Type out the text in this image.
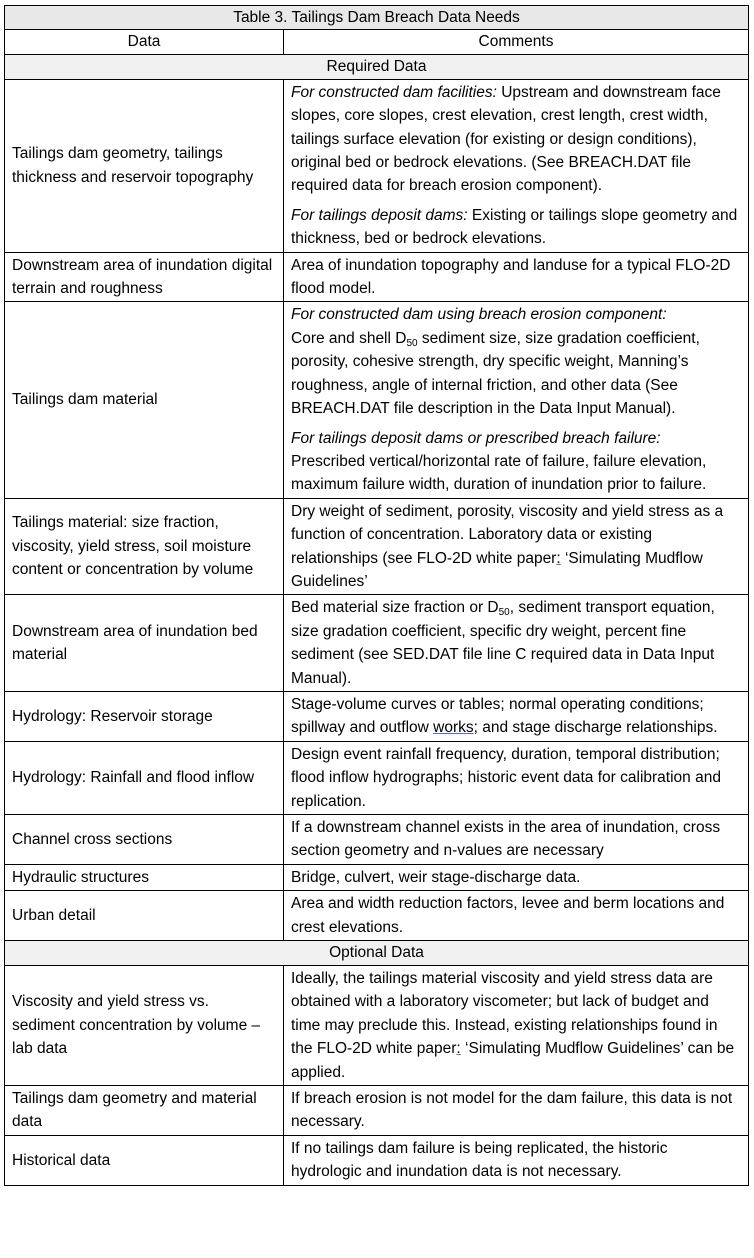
Table 3. Tailings Dam Breach Data Needs	
Data	Comments
Required Data	
Tailings dam geometry, tailings thickness and reservoir topography	For constructed dam facilities: Upstream and downstream face slopes, core slopes, crest elevation, crest length, crest width, tailings surface elevation (for existing or design conditions), original bed or bedrock elevations. (See BREACH.DAT file required data for breach erosion component).

For tailings deposit dams: Existing or tailings slope geometry and thickness, bed or bedrock elevations.

Downstream area of inundation digital terrain and roughness	Area of inundation topography and landuse for a typical FLO-2D flood model.
Tailings dam material	For constructed dam using breach erosion component:
Core and shell $D_{50}$ sediment size, size gradation coefficient, porosity, cohesive strength, dry specific weight, Manning’s roughness, angle of internal friction, and other data (See BREACH.DAT file description in the Data Input Manual).

For tailings deposit dams or prescribed breach failure:
Prescribed vertical/horizontal rate of failure, failure elevation, maximum failure width, duration of inundation prior to failure.

Tailings material: size fraction, viscosity, yield stress, soil moisture content or concentration by volume	Dry weight of sediment, porosity, viscosity and yield stress as a function of concentration. Laboratory data or existing relationships (see FLO-2D white paper: ‘Simulating Mudflow Guidelines’
Downstream area of inundation bed material	Bed material size fraction or $D_{50}$, sediment transport equation, size gradation coefficient, specific dry weight, percent fine sediment (see SED.DAT file line C required data in Data Input Manual).
Hydrology: Reservoir storage	Stage-volume curves or tables; normal operating conditions; spillway and outflow works; and stage discharge relationships.
Hydrology: Rainfall and flood inflow	Design event rainfall frequency, duration, temporal distribution; flood inflow hydrographs; historic event data for calibration and replication.
Channel cross sections	If a downstream channel exists in the area of inundation, cross section geometry and n-values are necessary
Hydraulic structures	Bridge, culvert, weir stage-discharge data.
Urban detail	Area and width reduction factors, levee and berm locations and crest elevations.
Optional Data	
Viscosity and yield stress vs. sediment concentration by volume – lab data	Ideally, the tailings material viscosity and yield stress data are obtained with a laboratory viscometer; but lack of budget and time may preclude this. Instead, existing relationships found in the FLO-2D white paper: ‘Simulating Mudflow Guidelines’ can be applied.
Tailings dam geometry and material data	If breach erosion is not model for the dam failure, this data is not necessary.
Historical data	If no tailings dam failure is being replicated, the historic hydrologic and inundation data is not necessary.
